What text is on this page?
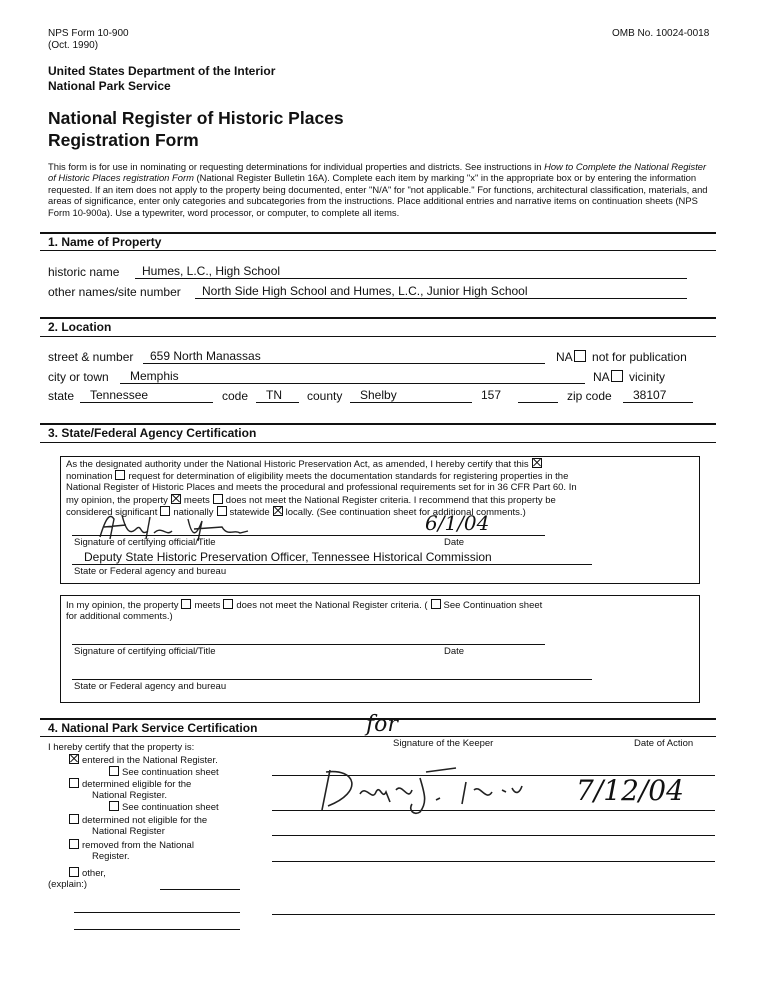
NPS Form 10-900
(Oct. 1990)
OMB No. 10024-0018
United States Department of the Interior
National Park Service
National Register of Historic Places
Registration Form
This form is for use in nominating or requesting determinations for individual properties and districts. See instructions in How to Complete the National Register of Historic Places registration Form (National Register Bulletin 16A). Complete each item by marking "x" in the appropriate box or by entering the information requested. If an item does not apply to the property being documented, enter "N/A" for "not applicable." For functions, architectural classification, materials, and areas of significance, enter only categories and subcategories from the instructions. Place additional entries and narrative items on continuation sheets (NPS Form 10-900a). Use a typewriter, word processor, or computer, to complete all items.
1. Name of Property
historic name Humes, L.C., High School
other names/site number North Side High School and Humes, L.C., Junior High School
2. Location
street & number 659 North Manassas	NA not for publication
city or town Memphis	NA vicinity
state Tennessee	code TN county Shelby	157	zip code 38107
3. State/Federal Agency Certification
As the designated authority under the National Historic Preservation Act, as amended, I hereby certify that this
nomination request for determination of eligibility meets the documentation standards for registering properties in the
National Register of Historic Places and meets the procedural and professional requirements set for in 36 CFR Part 60. In
my opinion, the property meets does not meet the National Register criteria. I recommend that this property be
considered significant nationally statewide locally. (See continuation sheet for additional comments.)
6/1/04
Signature of certifying official/Title	Date
Deputy State Historic Preservation Officer, Tennessee Historical Commission
State or Federal agency and bureau
In my opinion, the property meets does not meet the National Register criteria. ( See Continuation sheet
for additional comments.)
Signature of certifying official/Title	Date
State or Federal agency and bureau
4. National Park Service Certification
I hereby certify that the property is:	Signature of the Keeper	Date of Action
for
entered in the National Register.
See continuation sheet
determined eligible for the
National Register.
See continuation sheet
determined not eligible for the
National Register
removed from the National
Register.
other,
(explain:)
7/12/04
